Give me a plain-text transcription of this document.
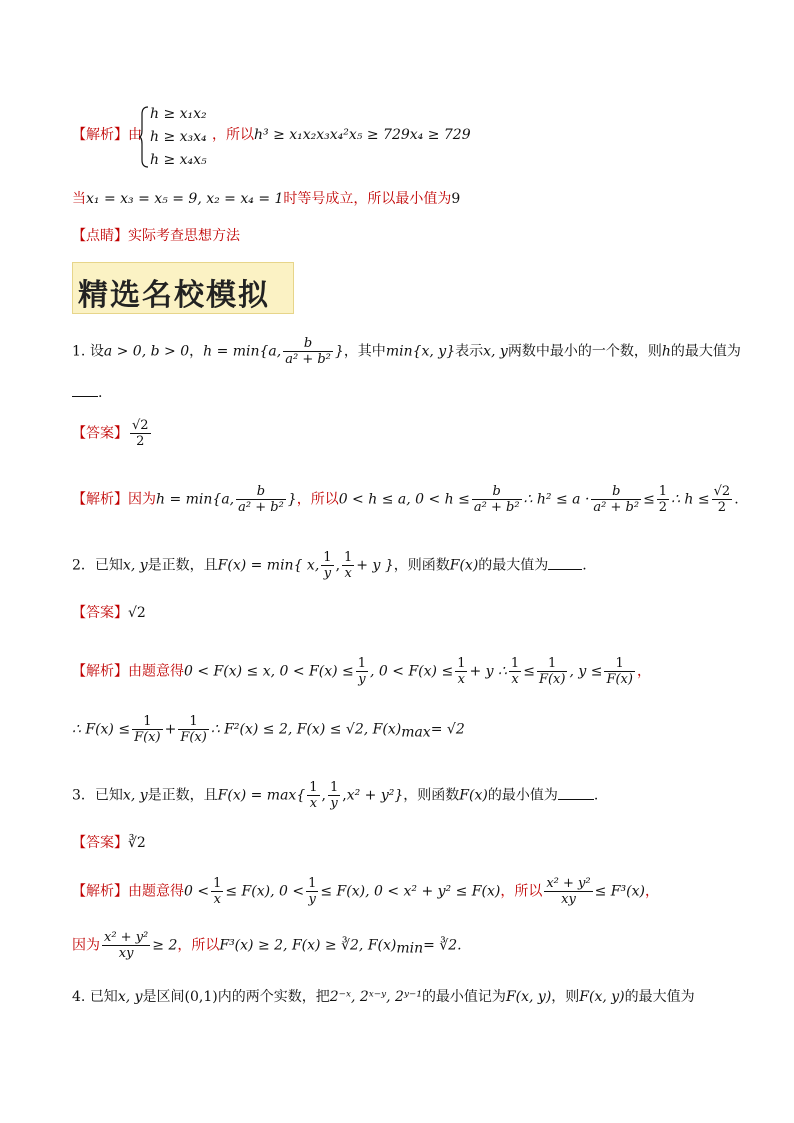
【解析】由
h ≥ x₁x₂
h ≥ x₃x₄
h ≥ x₄x₅
，所以h³ ≥ x₁x₂x₃x₄²x₅ ≥ 729x₄ ≥ 729
当x₁ = x₃ = x₅ = 9, x₂ = x₄ = 1时等号成立，所以最小值为9
【点睛】实际考查思想方法
精选名校模拟
1. 设a > 0, b > 0，h = min{a, $\frac{b}{\text{a² + b²}}$ }，其中min{x, y}表示x, y两数中最小的一个数，则h的最大值为
.
【答案】 $\frac{√2}{2}$
【解析】因为h = min{a, $\frac{b}{\text{a² + b²}}$ }，所以0 < h ≤ a, $0 < h \le \frac{b}{\text{a² + b²}}$ ∴ $h^2 \le a \cdot \frac{b}{\text{a² + b²}} \le \frac{1}{2}$ ∴ $h \le \frac{√2}{2}$ .
2．已知x, y是正数，且F(x) = min{ x, $\frac{1}{y}$ , $\frac{1}{x} + y$ }，则函数F(x)的最大值为 .
【答案】√2
【解析】由题意得0 < F(x) ≤ x, $0 < F(x) \le \frac{1}{y}$ , $0 < F(x) \le \frac{1}{x} + y$ ∴ $\frac{1}{x} \le \frac{1}{F(x)}$ , $y \le \frac{1}{F(x)}$ ，
∴ $F(x) \le \frac{1}{F(x)} + \frac{1}{F(x)}$ ∴ F²(x) ≤ 2, F(x) ≤ √2, $F(x)_{max}= √2$
3．已知x, y是正数，且$F(x) = \max\{ \frac{1}{x}$ , $\frac{1}{y} ,x^2 + y^2$}，则函数F(x)的最小值为	.
【答案】∛2
【解析】由题意得$0 < \frac{1}{x} \le F(x)$, $0 < \frac{1}{y} \le F(x)$, 0 < x² + y² ≤ F(x)，所以 $\frac{\text{x² + y²}}{xy} \le F^3(x)$，
因为 $\frac{\text{x² + y²}}{xy} \ge 2$，所以F³(x) ≥ 2, F(x) ≥ ∛2, $F(x)_{min}=$ ∛2.
4. 已知x, y是区间(0,1)内的两个实数，把2⁻ˣ, 2ˣ⁻ʸ, 2ʸ⁻¹的最小值记为F(x, y)，则F(x, y)的最大值为
